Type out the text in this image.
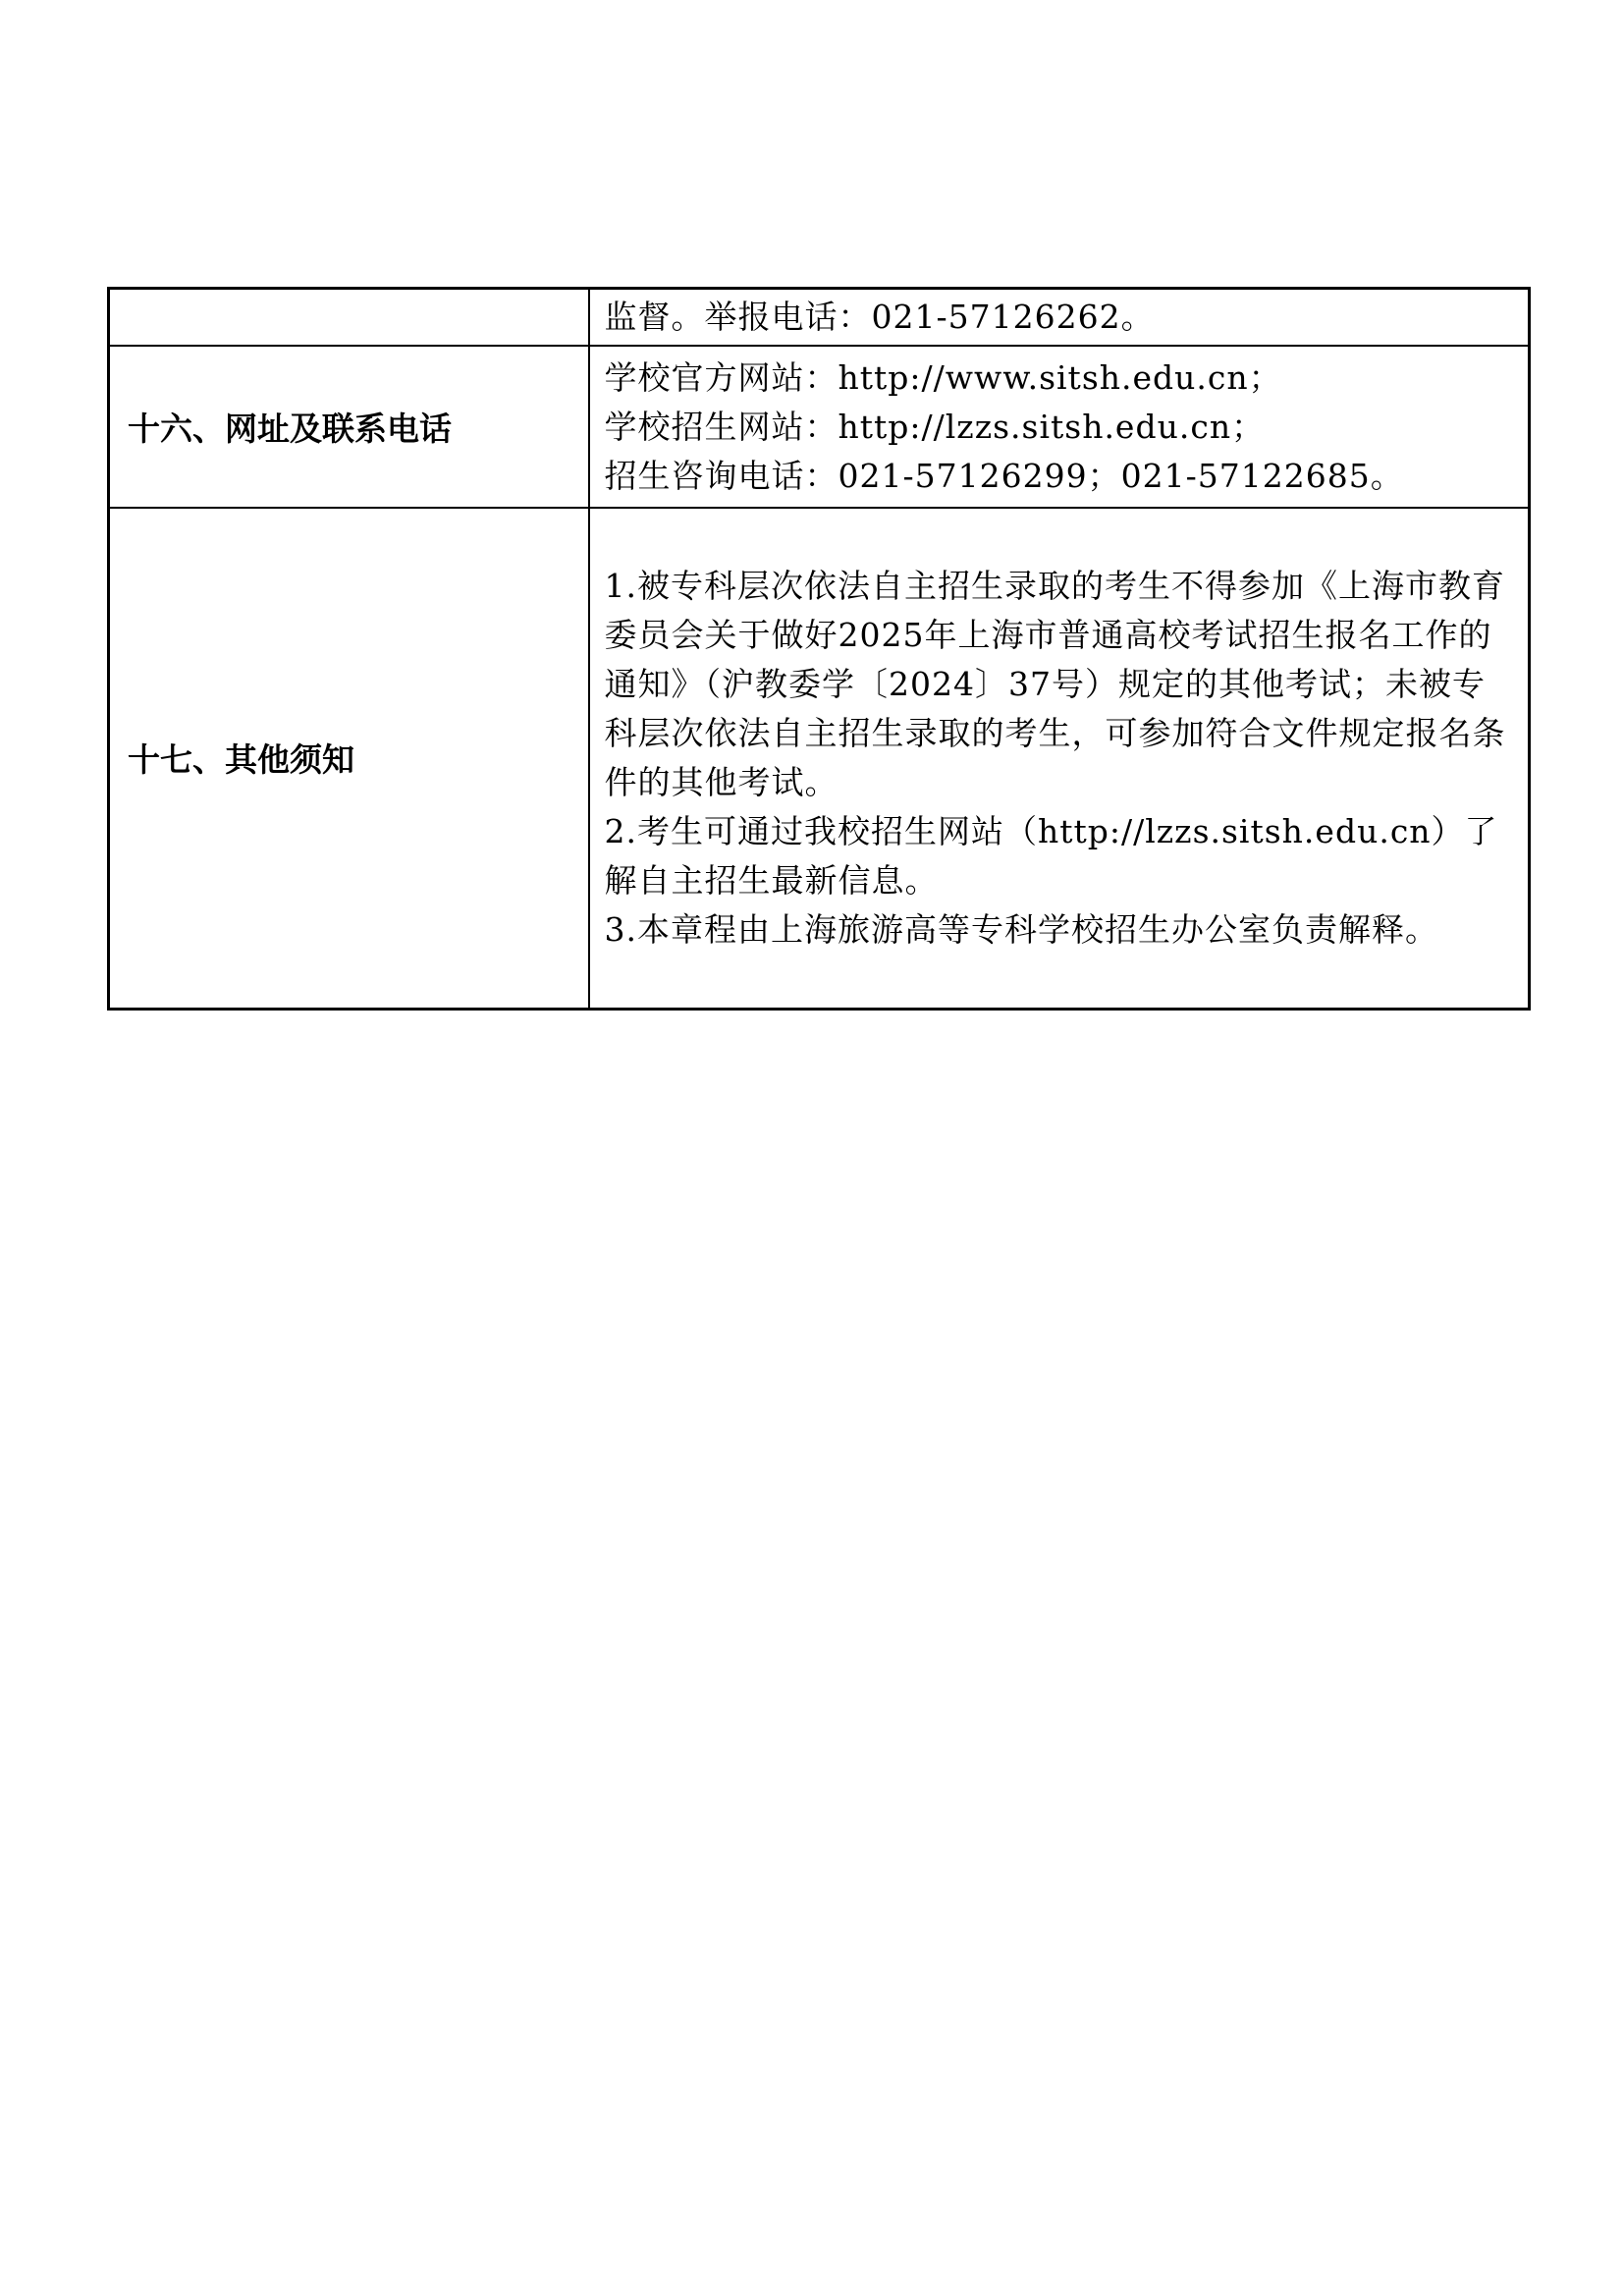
	监督。举报电话：021-57126262。

十六、网址及联系电话	学校官方网站：http://www.sitsh.edu.cn；
学校招生网站：http://lzzs.sitsh.edu.cn；
招生咨询电话：021-57126299；021-57122685。

十七、其他须知	1.被专科层次依法自主招生录取的考生不得参加《上海市教育委员会关于做好2025年上海市普通高校考试招生报名工作的通知》（沪教委学〔2024〕37号）规定的其他考试；未被专科层次依法自主招生录取的考生，可参加符合文件规定报名条件的其他考试。
2.考生可通过我校招生网站（http://lzzs.sitsh.edu.cn）了解自主招生最新信息。
3.本章程由上海旅游高等专科学校招生办公室负责解释。
